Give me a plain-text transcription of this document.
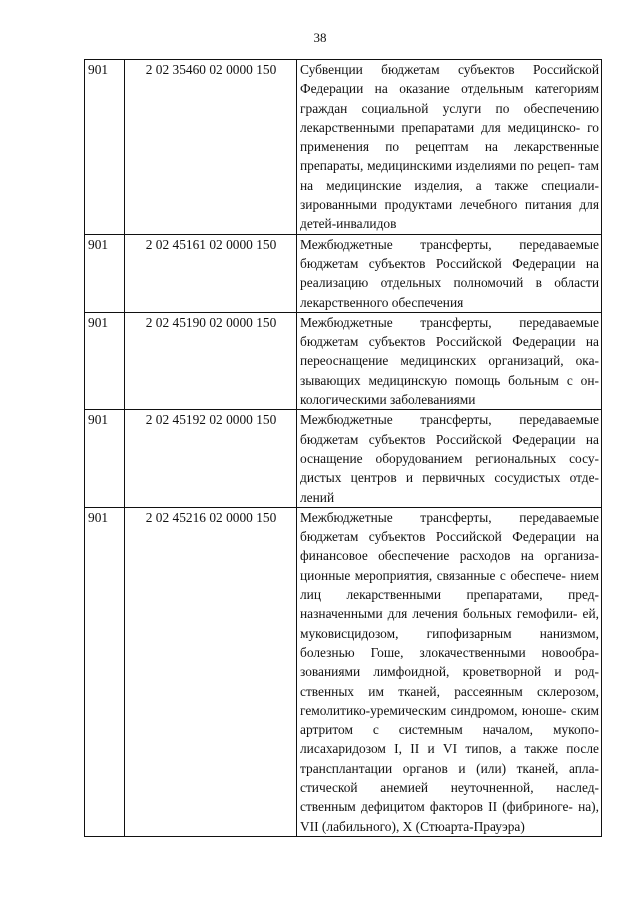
38
901	2 02 35460 02 0000 150	Субвенции бюджетам субъектов Российской Федерации на оказание отдельным категориям граждан социальной услуги по обеспечению лекарственными препаратами для медицинско- го применения по рецептам на лекарственные препараты, медицинскими изделиями по рецеп- там на медицинские изделия, а также специали- зированными продуктами лечебного питания для детей-инвалидов
901	2 02 45161 02 0000 150	Межбюджетные трансферты, передаваемые бюджетам субъектов Российской Федерации на реализацию отдельных полномочий в области лекарственного обеспечения
901	2 02 45190 02 0000 150	Межбюджетные трансферты, передаваемые бюджетам субъектов Российской Федерации на переоснащение медицинских организаций, ока- зывающих медицинскую помощь больным с он- кологическими заболеваниями
901	2 02 45192 02 0000 150	Межбюджетные трансферты, передаваемые бюджетам субъектов Российской Федерации на оснащение оборудованием региональных сосу- дистых центров и первичных сосудистых отде- лений
901	2 02 45216 02 0000 150	Межбюджетные трансферты, передаваемые бюджетам субъектов Российской Федерации на финансовое обеспечение расходов на организа- ционные мероприятия, связанные с обеспече- нием лиц лекарственными препаратами, пред- назначенными для лечения больных гемофили- ей, муковисцидозом, гипофизарным нанизмом, болезнью Гоше, злокачественными новообра- зованиями лимфоидной, кроветворной и род- ственных им тканей, рассеянным склерозом, гемолитико-уремическим синдромом, юноше- ским артритом с системным началом, мукопо- лисахаридозом I, II и VI типов, а также после трансплантации органов и (или) тканей, апла- стической анемией неуточненной, наслед- ственным дефицитом факторов II (фибриноге- на), VII (лабильного), X (Стюарта-Прауэра)
